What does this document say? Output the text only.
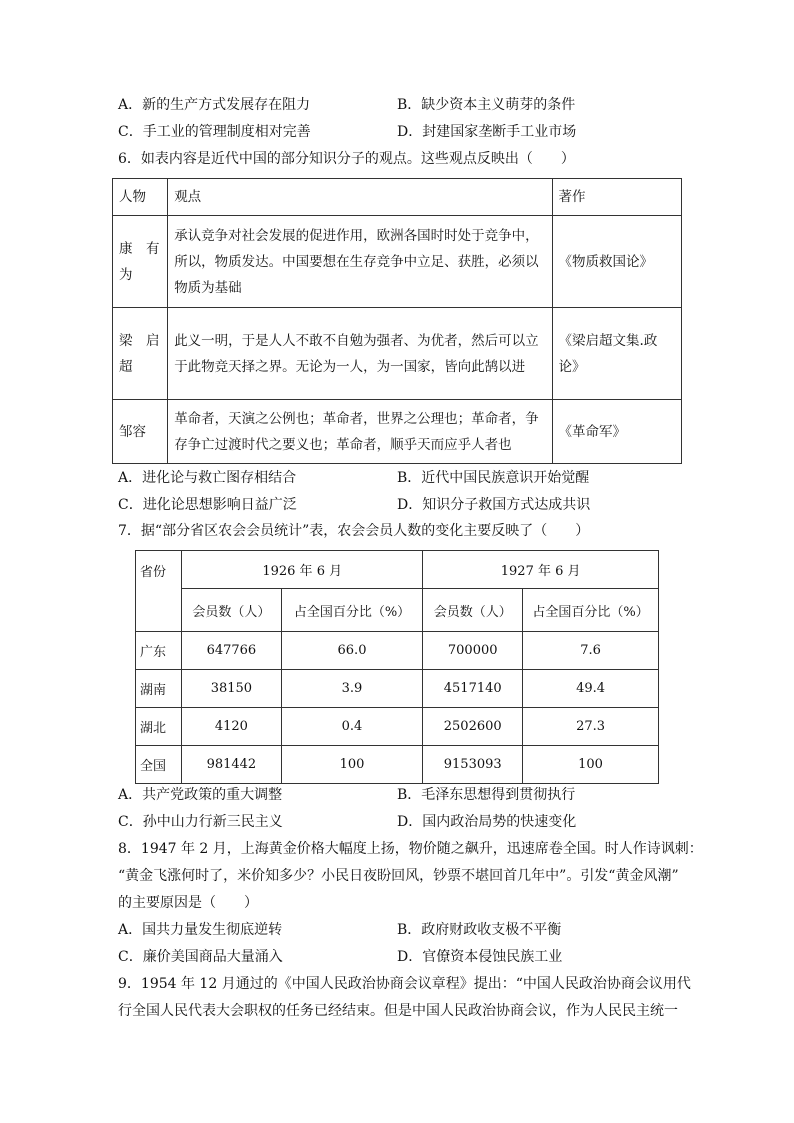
A．新的生产方式发展存在阻力	B．缺少资本主义萌芽的条件
C．手工业的管理制度相对完善	D．封建国家垄断手工业市场
6．如表内容是近代中国的部分知识分子的观点。这些观点反映出（　　）
人物	观点	著作
康　有为	承认竞争对社会发展的促进作用，欧洲各国时时处于竞争中，所以，物质发达。中国要想在生存竞争中立足、获胜，必须以物质为基础	《物质救国论》
梁　启超	此义一明，于是人人不敢不自勉为强者、为优者，然后可以立于此物竞天择之界。无论为一人，为一国家，皆向此鹄以进	《梁启超文集.政论》
邹容	革命者，天演之公例也；革命者，世界之公理也；革命者，争存争亡过渡时代之要义也；革命者，顺乎天而应乎人者也	《革命军》
A．进化论与救亡图存相结合	B．近代中国民族意识开始觉醒
C．进化论思想影响日益广泛	D．知识分子救国方式达成共识
7．据“部分省区农会会员统计”表，农会会员人数的变化主要反映了（　　）
省份	1926 年 6 月		1927 年 6 月	
	会员数（人）	占全国百分比（%）	会员数（人）	占全国百分比（%）
广东	647766	66.0	700000	7.6
湖南	38150	3.9	4517140	49.4
湖北	4120	0.4	2502600	27.3
全国	981442	100	9153093	100
A．共产党政策的重大调整	B．毛泽东思想得到贯彻执行
C．孙中山力行新三民主义	D．国内政治局势的快速变化
8．1947 年 2 月，上海黄金价格大幅度上扬，物价随之飙升，迅速席卷全国。时人作诗讽刺：
“黄金飞涨何时了，米价知多少？小民日夜盼回风，钞票不堪回首几年中”。引发“黄金风潮”
的主要原因是（　　）
A．国共力量发生彻底逆转	B．政府财政收支极不平衡
C．廉价美国商品大量涌入	D．官僚资本侵蚀民族工业
9．1954 年 12 月通过的《中国人民政治协商会议章程》提出：“中国人民政治协商会议用代
行全国人民代表大会职权的任务已经结束。但是中国人民政治协商会议，作为人民民主统一
